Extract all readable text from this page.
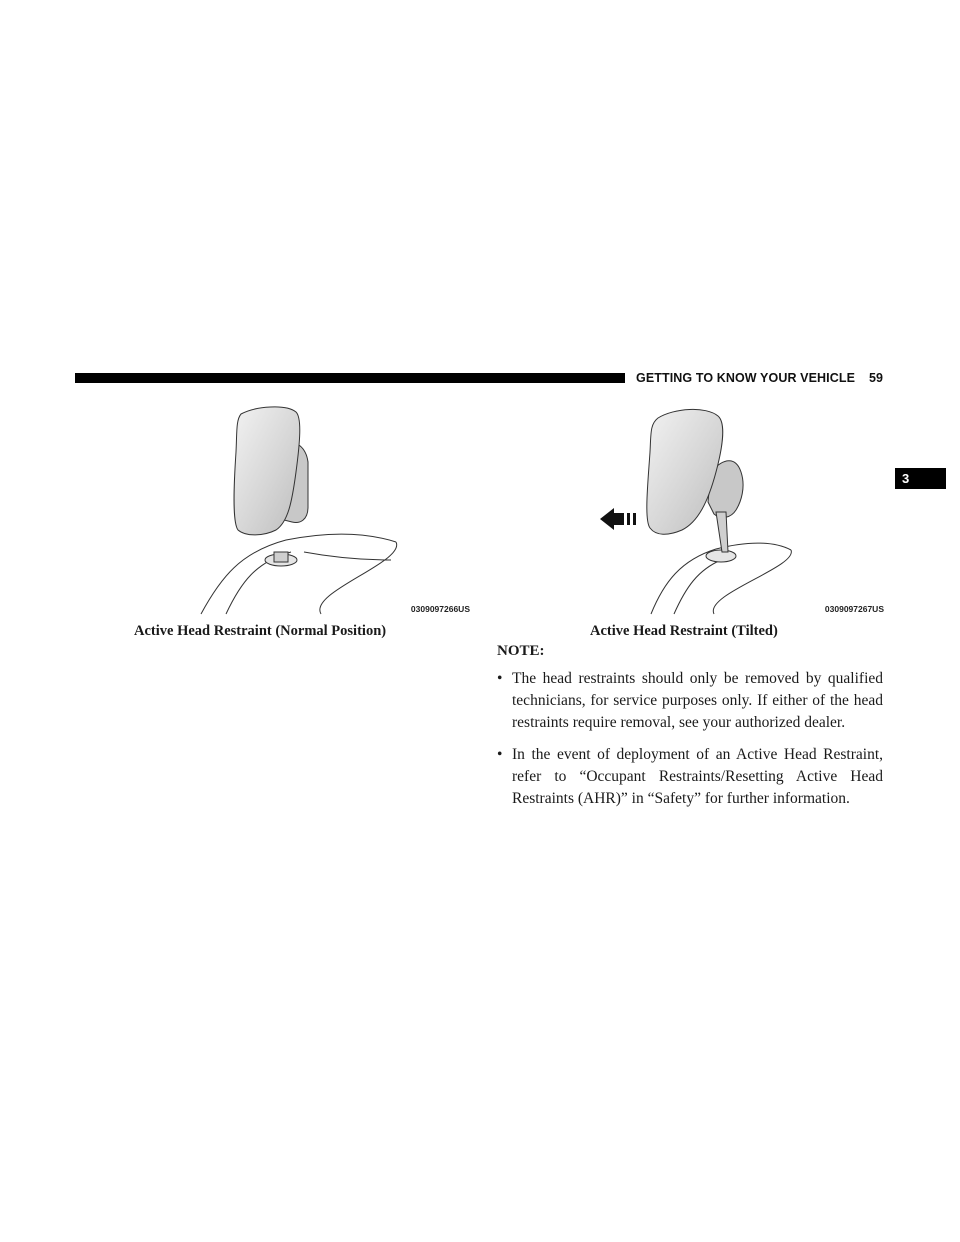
GETTING TO KNOW YOUR VEHICLE 59
3
0309097266US	0309097267US
Active Head Restraint (Normal Position)	Active Head Restraint (Tilted)
NOTE:
• The head restraints should only be removed by qualified technicians, for service purposes only. If either of the head restraints require removal, see your authorized dealer.
• In the event of deployment of an Active Head Restraint, refer to “Occupant Restraints/Resetting Active Head Restraints (AHR)” in “Safety” for further information.
